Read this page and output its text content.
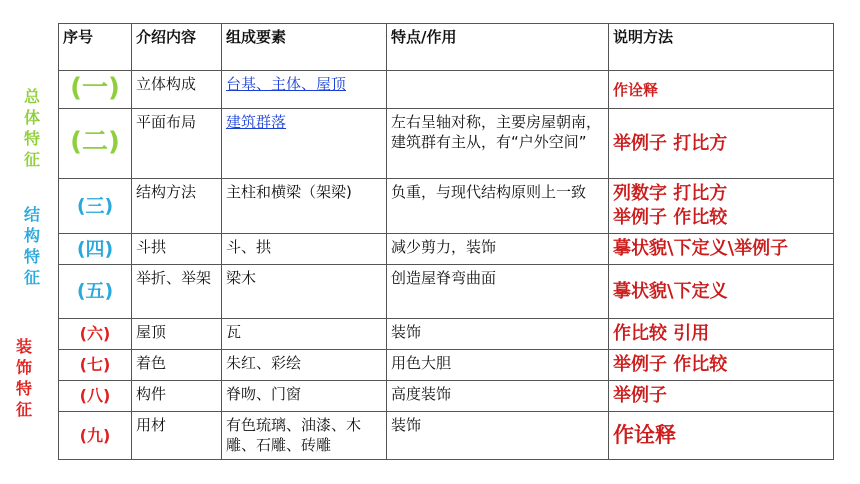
总
体
特
征
结
构
特
征
装
饰
特
征
序号	介绍内容	组成要素	特点/作用	说明方法
(一)	立体构成	台基、主体、屋顶		作诠释
(二)	平面布局	建筑群落	左右呈轴对称，主要房屋朝南，建筑群有主从，有“户外空间”	举例子 打比方
(三)	结构方法	主柱和横梁（架梁)	负重，与现代结构原则上一致	列数字 打比方
举例子 作比较
(四)	斗拱	斗、拱	减少剪力，装饰	摹状貌\下定义\举例子
(五)	举折、举架	梁木	创造屋脊弯曲面	摹状貌\下定义
(六)	屋顶	瓦	装饰	作比较 引用
(七)	着色	朱红、彩绘	用色大胆	举例子 作比较
(八)	构件	脊吻、门窗	高度装饰	举例子
(九)	用材	有色琉璃、油漆、木雕、石雕、砖雕	装饰	作诠释
